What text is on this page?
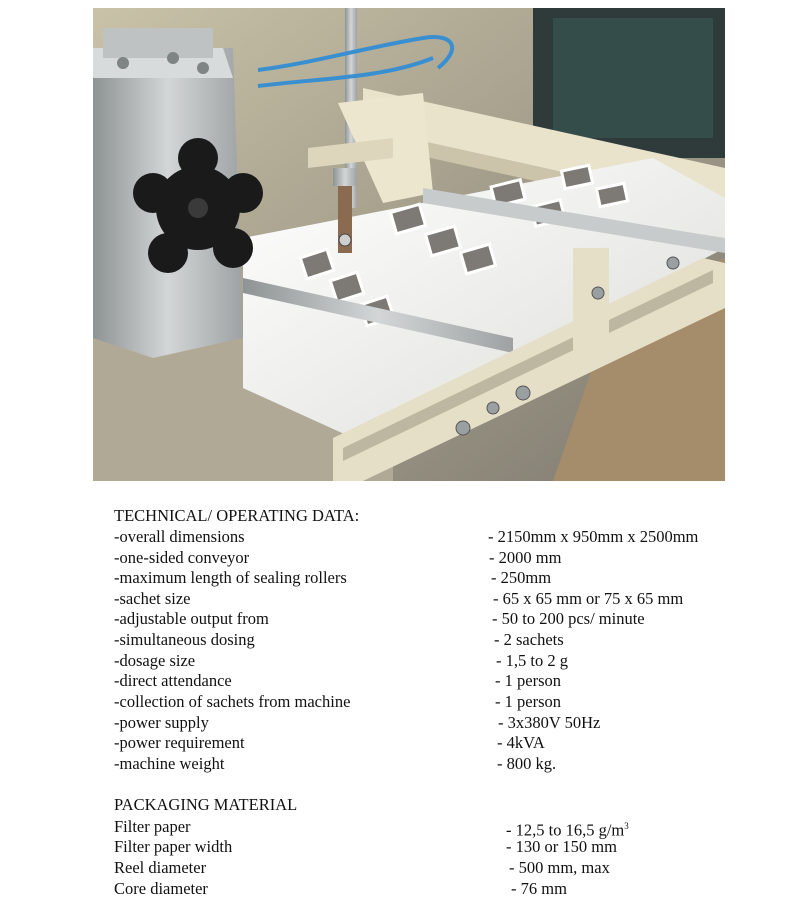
TECHNICAL/ OPERATING DATA:
-overall dimensions	- 2150mm x 950mm x 2500mm
-one-sided conveyor	- 2000 mm
-maximum length of sealing rollers	- 250mm
-sachet size	- 65 x 65 mm or 75 x 65 mm
-adjustable output from	- 50 to 200 pcs/ minute
-simultaneous dosing	- 2 sachets
-dosage size	- 1,5 to 2 g
-direct attendance	- 1 person
-collection of sachets from machine	- 1 person
-power supply	- 3x380V 50Hz
-power requirement	- 4kVA
-machine weight	- 800 kg.
PACKAGING MATERIAL
Filter paper	- 12,5 to 16,5 $g/m^3$
Filter paper width	- 130 or 150 mm
Reel diameter	- 500 mm, max
Core diameter	- 76 mm
